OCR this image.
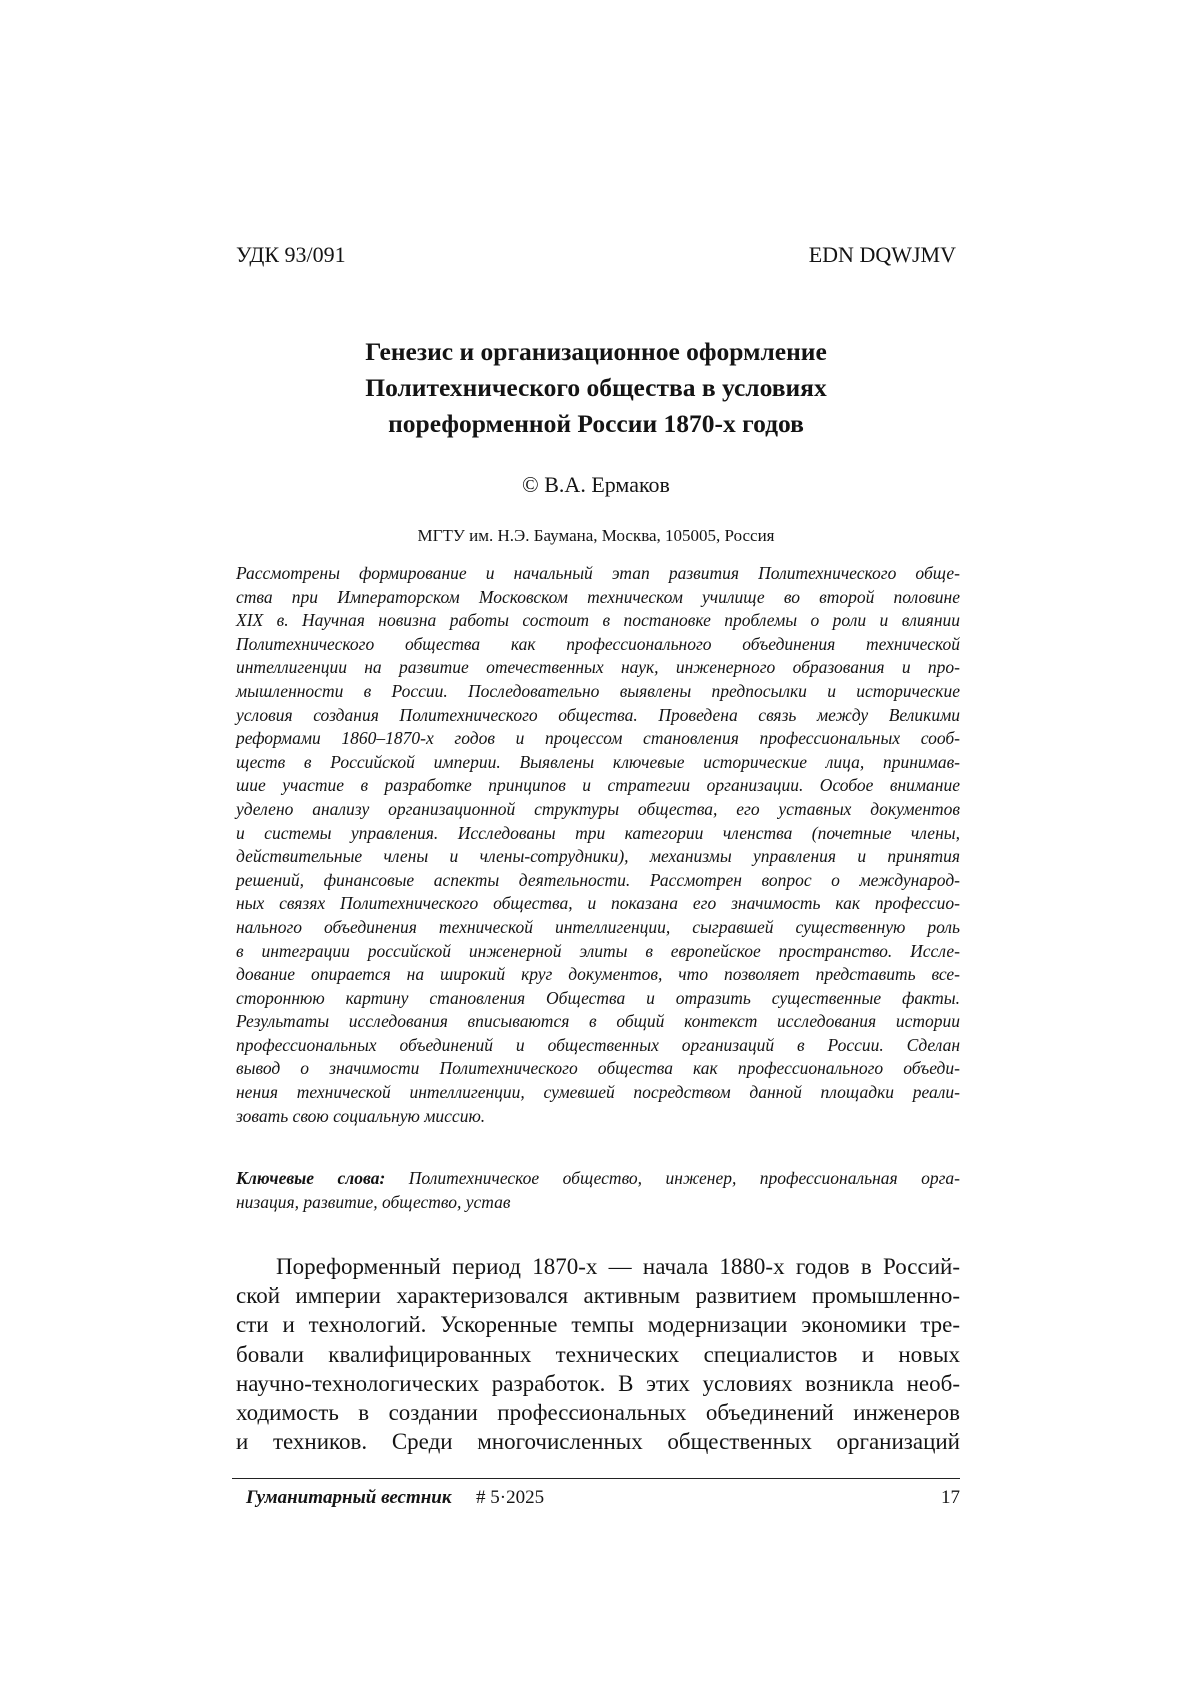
УДК 93/091	EDN DQWJMV
Генезис и организационное оформление
Политехнического общества в условиях
пореформенной России 1870-х годов
© В.А. Ермаков
МГТУ им. Н.Э. Баумана, Москва, 105005, Россия
Рассмотрены формирование и начальный этап развития Политехнического обще-
ства при Императорском Московском техническом училище во второй половине
XIX в. Научная новизна работы состоит в постановке проблемы о роли и влиянии
Политехнического общества как профессионального объединения технической
интеллигенции на развитие отечественных наук, инженерного образования и про-
мышленности в России. Последовательно выявлены предпосылки и исторические
условия создания Политехнического общества. Проведена связь между Великими
реформами 1860–1870-х годов и процессом становления профессиональных сооб-
ществ в Российской империи. Выявлены ключевые исторические лица, принимав-
шие участие в разработке принципов и стратегии организации. Особое внимание
уделено анализу организационной структуры общества, его уставных документов
и системы управления. Исследованы три категории членства (почетные члены,
действительные члены и члены-сотрудники), механизмы управления и принятия
решений, финансовые аспекты деятельности. Рассмотрен вопрос о международ-
ных связях Политехнического общества, и показана его значимость как профессио-
нального объединения технической интеллигенции, сыгравшей существенную роль
в интеграции российской инженерной элиты в европейское пространство. Иссле-
дование опирается на широкий круг документов, что позволяет представить все-
стороннюю картину становления Общества и отразить существенные факты.
Результаты исследования вписываются в общий контекст исследования истории
профессиональных объединений и общественных организаций в России. Сделан
вывод о значимости Политехнического общества как профессионального объеди-
нения технической интеллигенции, сумевшей посредством данной площадки реали-
зовать свою социальную миссию.
Ключевые слова: Политехническое общество, инженер, профессиональная орга-
низация, развитие, общество, устав
Пореформенный период 1870-х — начала 1880-х годов в Россий-
ской империи характеризовался активным развитием промышленно-
сти и технологий. Ускоренные темпы модернизации экономики тре-
бовали квалифицированных технических специалистов и новых
научно-технологических разработок. В этих условиях возникла необ-
ходимость в создании профессиональных объединений инженеров
и техников. Среди многочисленных общественных организаций
Гуманитарный вестник # 5·2025	17
